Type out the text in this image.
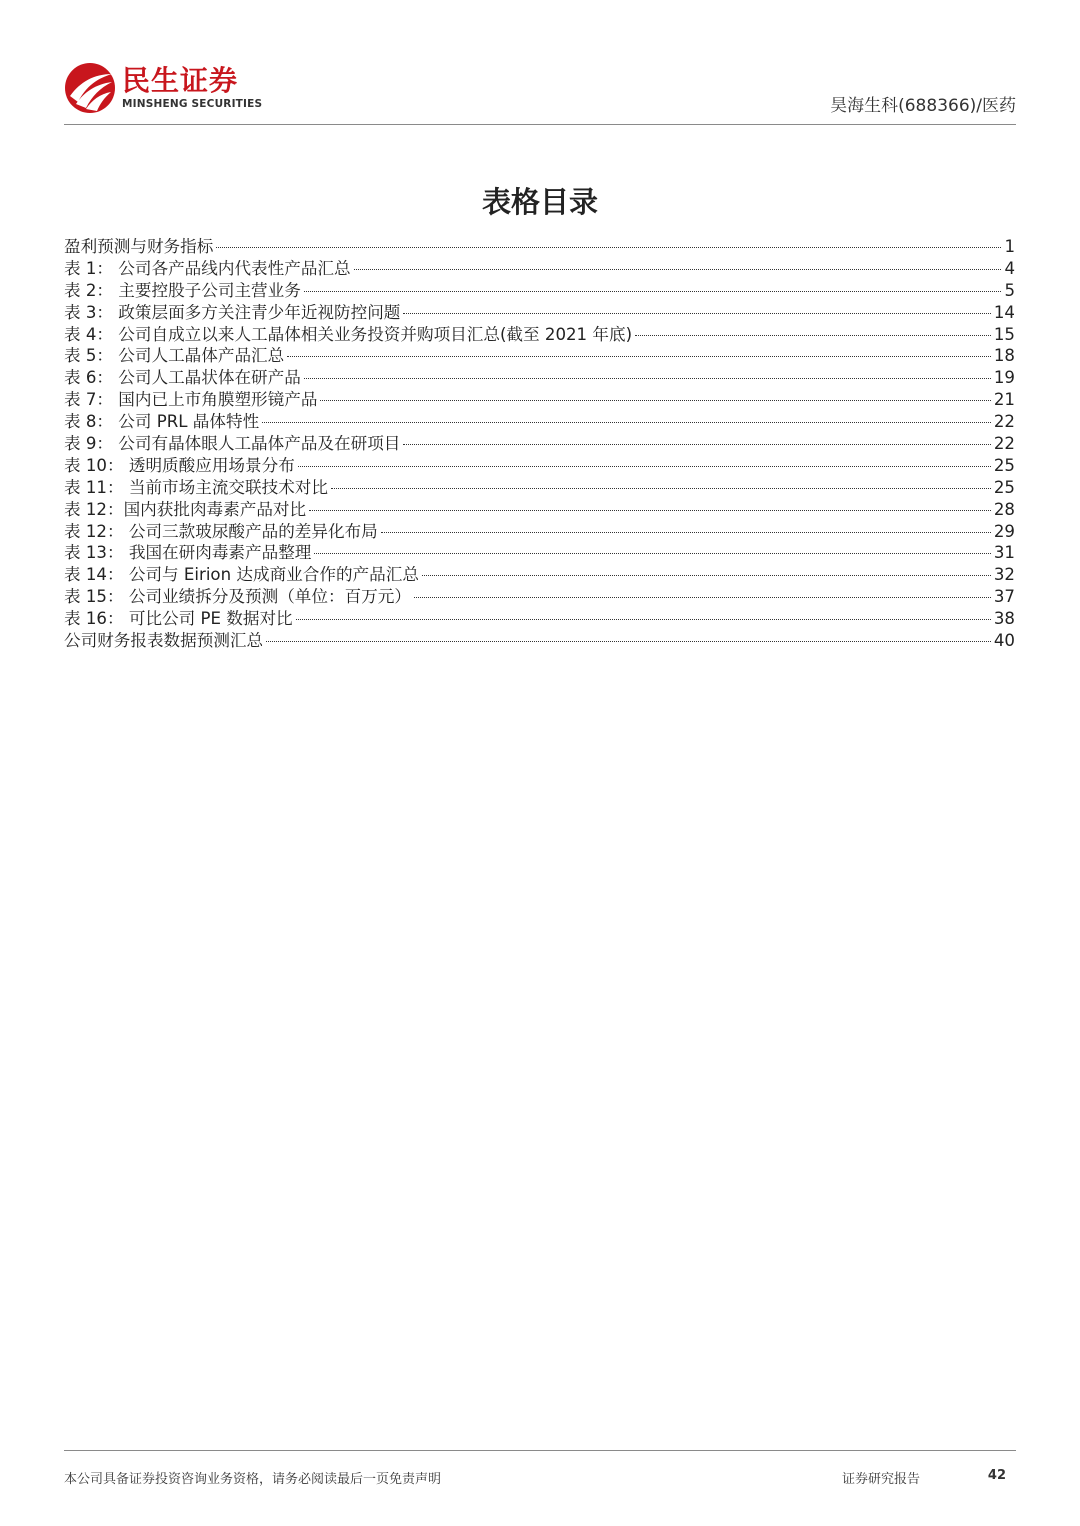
民生证券
MINSHENG SECURITIES	昊海生科(688366)/医药
表格目录
盈利预测与财务指标	1
表 1： 公司各产品线内代表性产品汇总	4
表 2： 主要控股子公司主营业务	5
表 3： 政策层面多方关注青少年近视防控问题	14
表 4： 公司自成立以来人工晶体相关业务投资并购项目汇总(截至 2021 年底)	15
表 5： 公司人工晶体产品汇总	18
表 6： 公司人工晶状体在研产品	19
表 7： 国内已上市角膜塑形镜产品	21
表 8： 公司 PRL 晶体特性	22
表 9： 公司有晶体眼人工晶体产品及在研项目	22
表 10： 透明质酸应用场景分布	25
表 11： 当前市场主流交联技术对比	25
表 12：国内获批肉毒素产品对比	28
表 12： 公司三款玻尿酸产品的差异化布局	29
表 13： 我国在研肉毒素产品整理	31
表 14： 公司与 Eirion 达成商业合作的产品汇总	32
表 15： 公司业绩拆分及预测（单位：百万元）	37
表 16： 可比公司 PE 数据对比	38
公司财务报表数据预测汇总	40
本公司具备证券投资咨询业务资格，请务必阅读最后一页免责声明	证券研究报告	42
